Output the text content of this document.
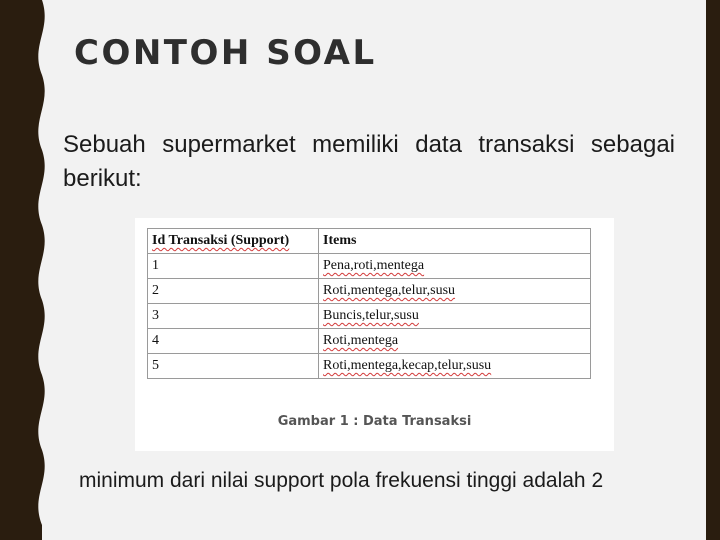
CONTOH SOAL
Sebuah supermarket memiliki data transaksi sebagai berikut:
Id Transaksi (Support)	Items
1	Pena,roti,mentega
2	Roti,mentega,telur,susu
3	Buncis,telur,susu
4	Roti,mentega
5	Roti,mentega,kecap,telur,susu
Gambar 1 : Data Transaksi
minimum dari nilai support pola frekuensi tinggi adalah 2
